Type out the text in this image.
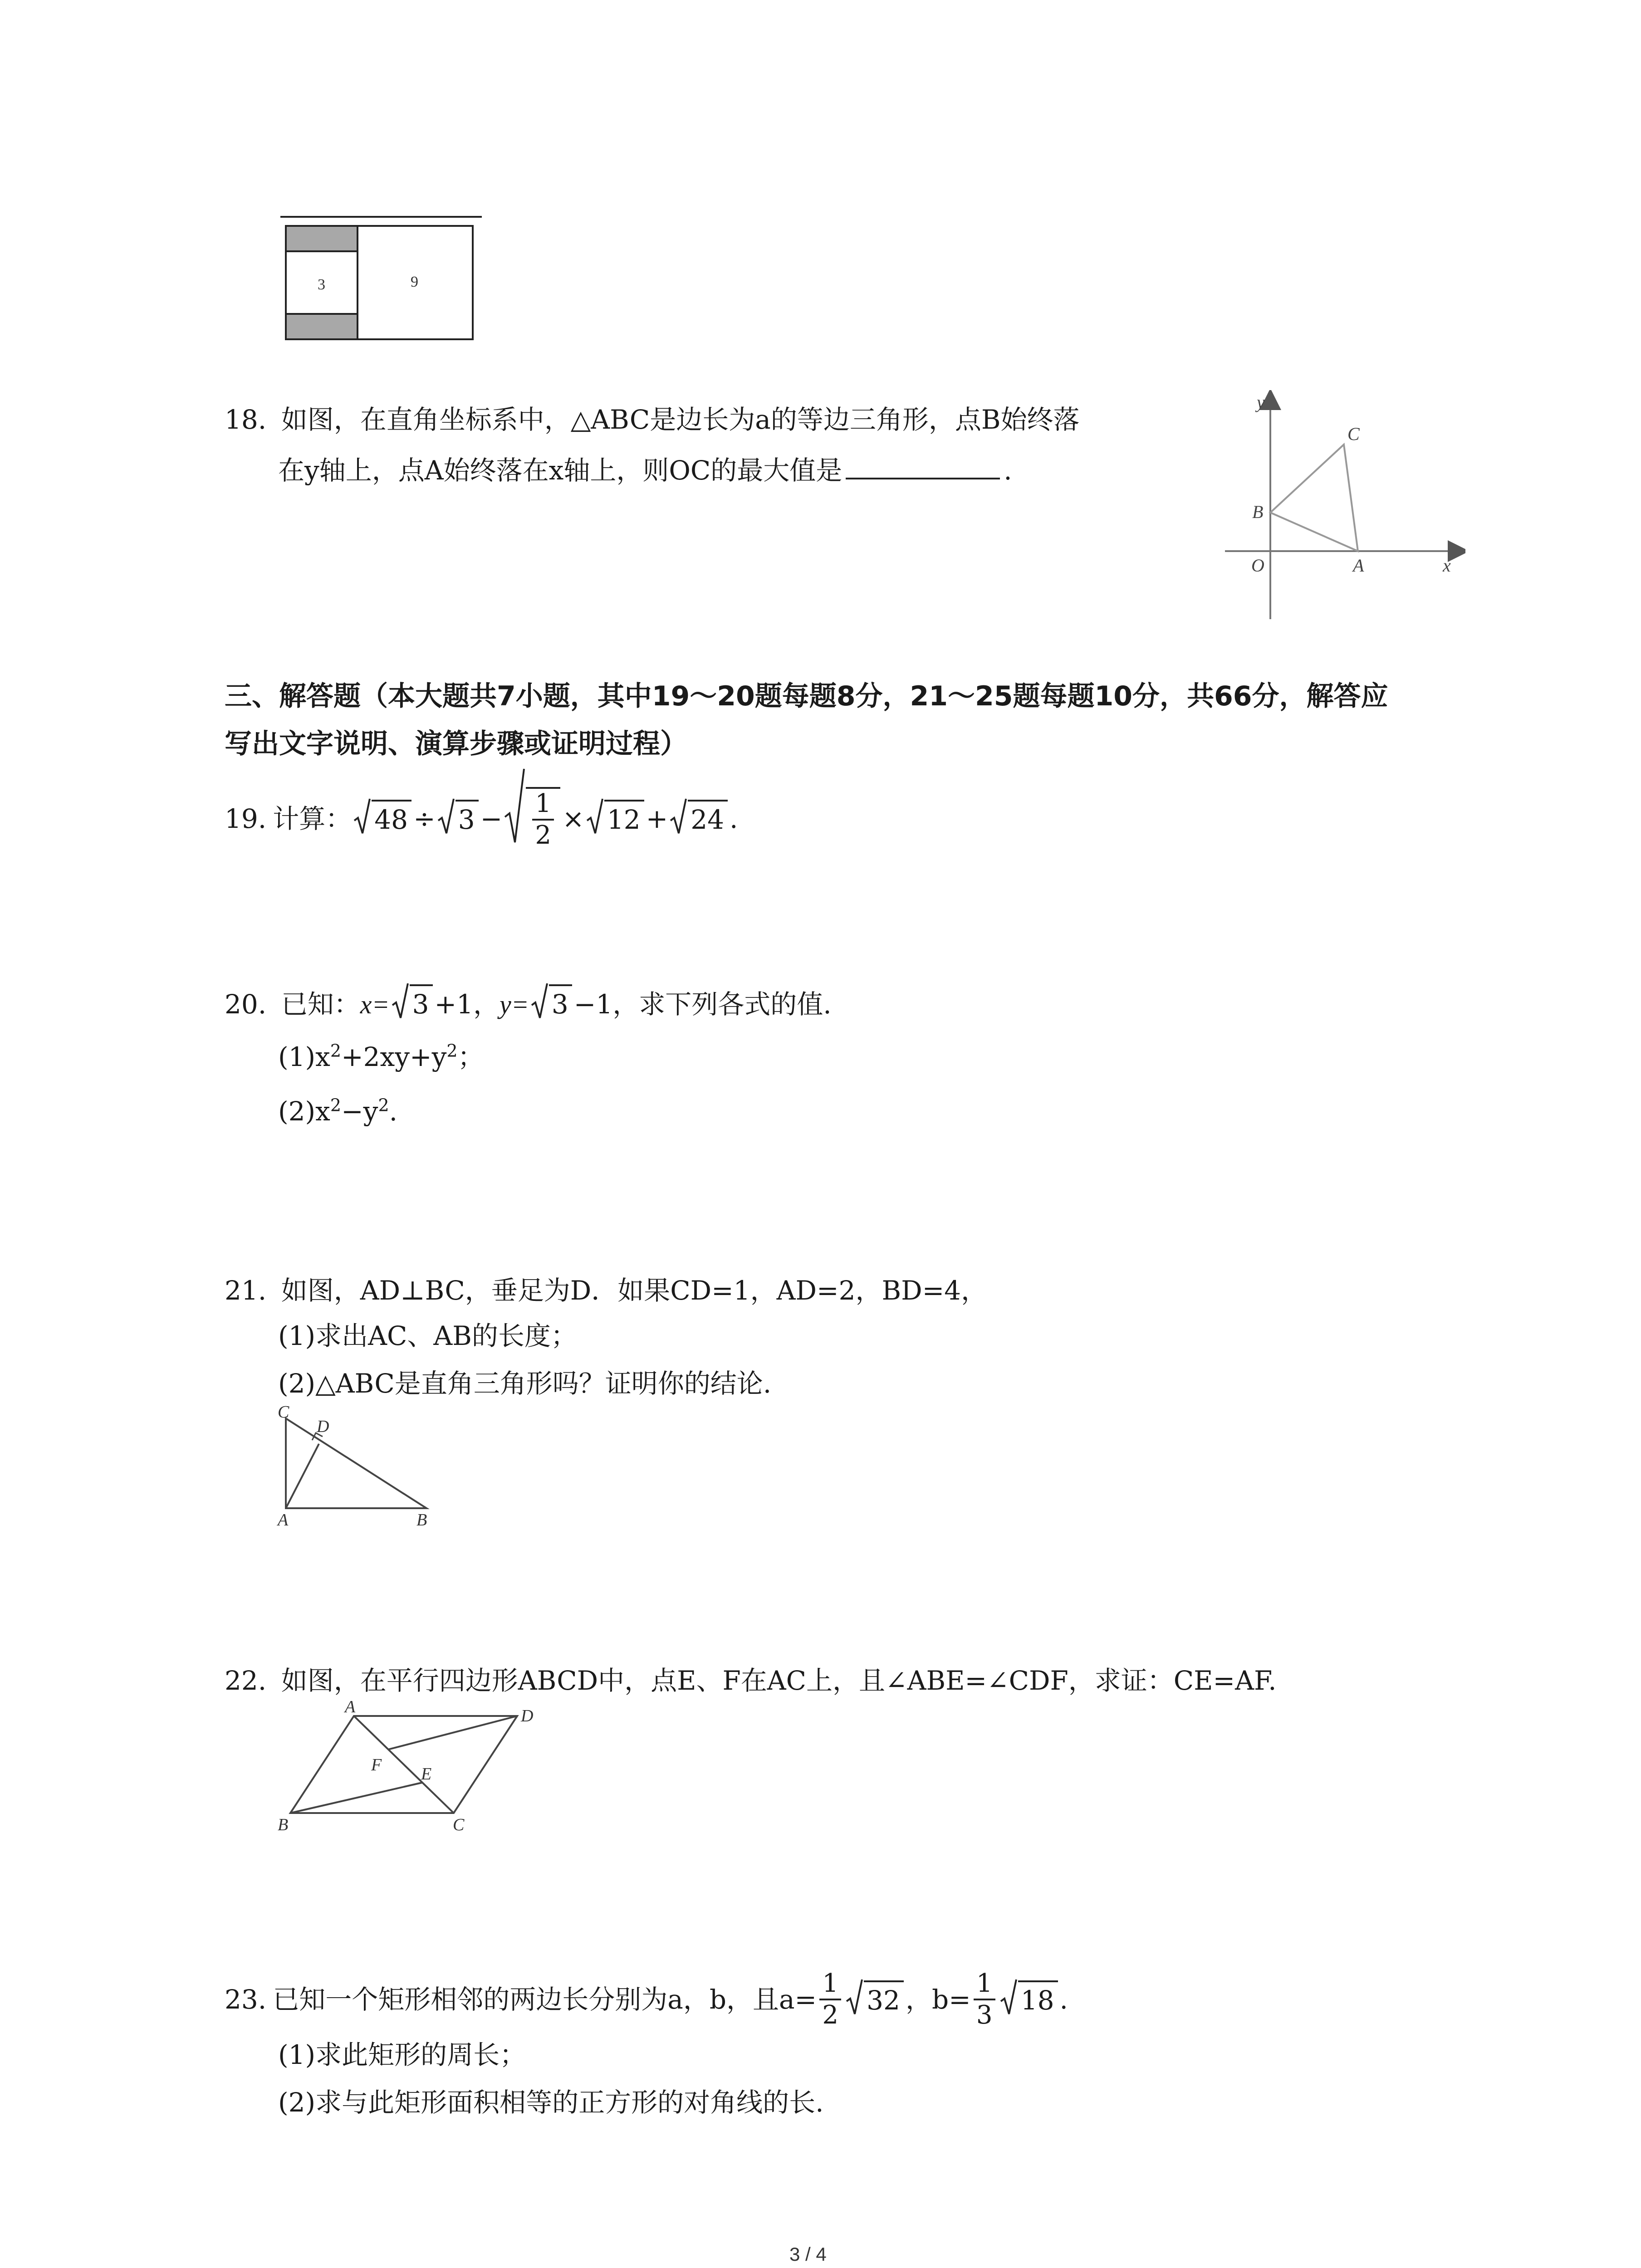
3	9
18. 如图，在直角坐标系中，△ABC是边长为a的等边三角形，点B始终落
在y轴上，点A始终落在x轴上，则OC的最大值是	.
y
x
C
B
O	A
三、解答题（本大题共7小题，其中19～20题每题8分，21～25题每题10分，共66分，解答应
写出文字说明、演算步骤或证明过程）
19. 计算： $48 \div 3 - \frac{1}{2} \times 12 + 24$ .
20. 已知：x= 3 +1，y= 3 −1，求下列各式的值.
$(1)x^2+2xy+y^2$；
$(2)x^2-y^2$.
21. 如图，AD⊥BC，垂足为D．如果CD=1，AD=2，BD=4，
(1)求出AC、AB的长度；
(2)△ABC是直角三角形吗？证明你的结论.
C
D
A	B
22. 如图，在平行四边形ABCD中，点E、F在AC上，且∠ABE=∠CDF，求证：CE=AF.
A	D
F E
B	C
23. 已知一个矩形相邻的两边长分别为a，b，且$a= \frac{1}{2} 32$ ，$b= \frac{1}{3} 18$ .
(1)求此矩形的周长；
(2)求与此矩形面积相等的正方形的对角线的长.
3 / 4
